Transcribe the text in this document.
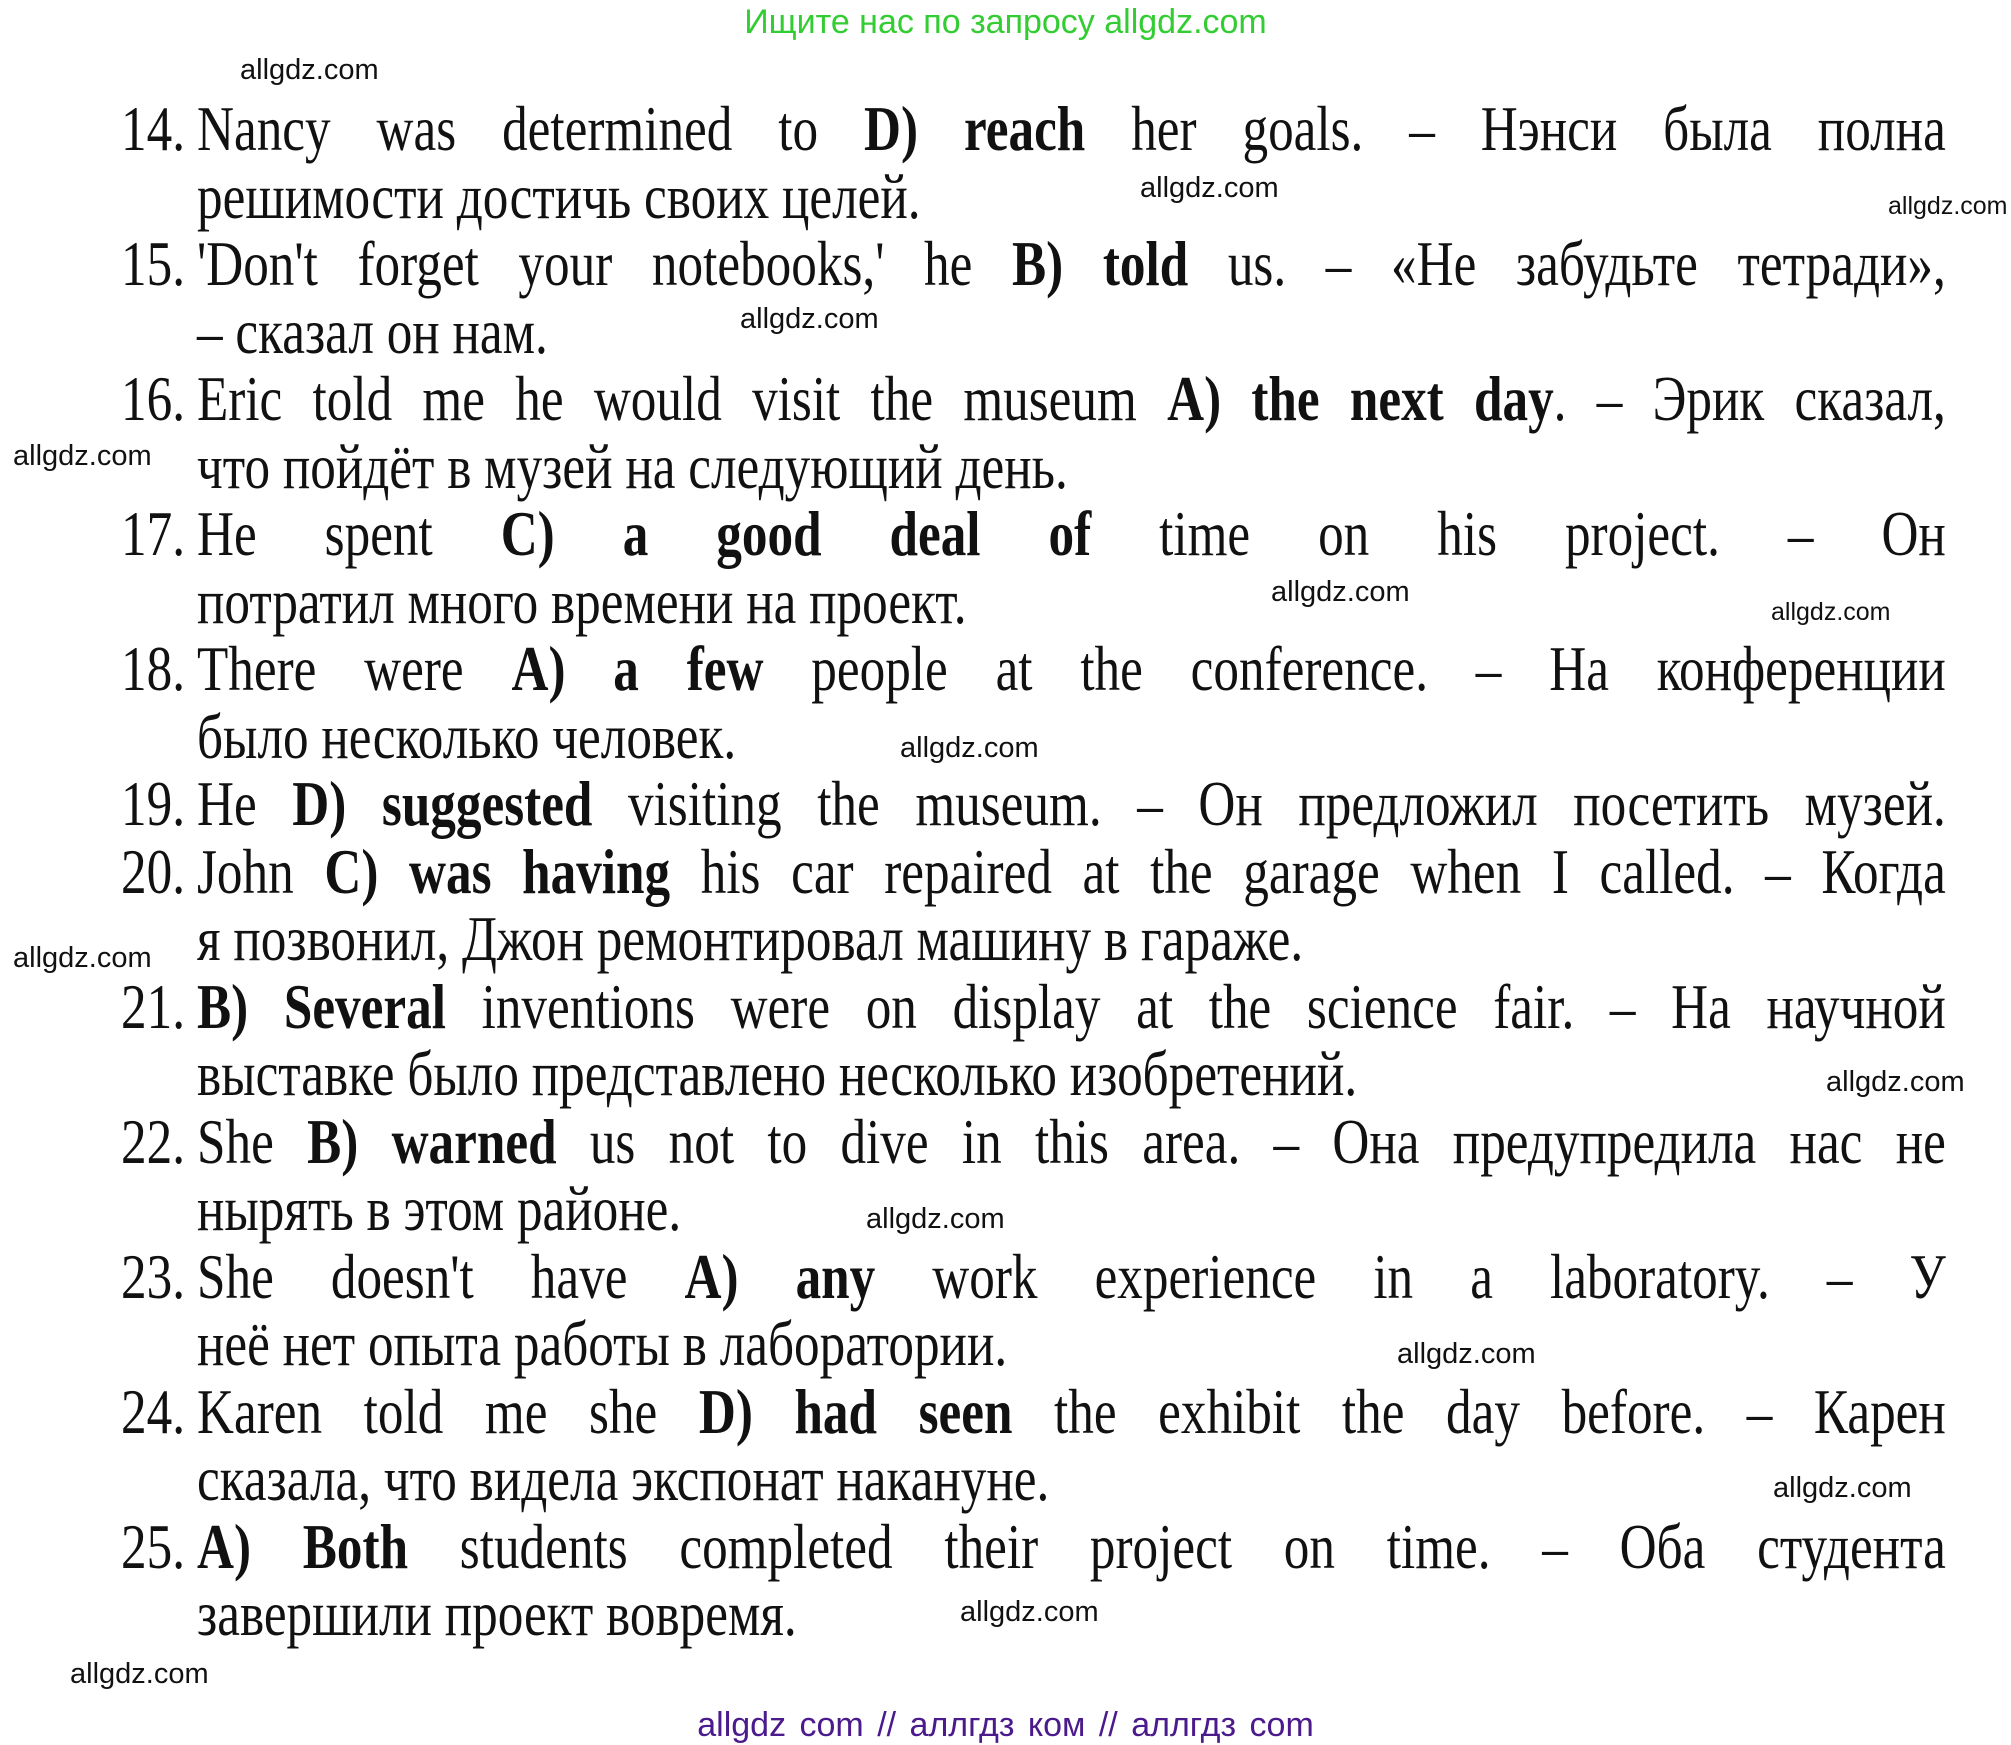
Ищите нас по запросу allgdz.com
14. Nancy was determined to D) reach her goals. – Нэнси была полна
решимости достичь своих целей.
15. 'Don't forget your notebooks,' he B) told us. – «Не забудьте тетради»,
– сказал он нам.
16. Eric told me he would visit the museum A) the next day. – Эрик сказал,
что пойдёт в музей на следующий день.
17. He spent C) a good deal of time on his project. – Он
потратил много времени на проект.
18. There were A) a few people at the conference. – На конференции
было несколько человек.
19. He D) suggested visiting the museum. – Он предложил посетить музей.
20. John C) was having his car repaired at the garage when I called. – Когда
я позвонил, Джон ремонтировал машину в гараже.
21. B) Several inventions were on display at the science fair. – На научной
выставке было представлено несколько изобретений.
22. She B) warned us not to dive in this area. – Она предупредила нас не
нырять в этом районе.
23. She doesn't have A) any work experience in a laboratory. – У
неё нет опыта работы в лаборатории.
24. Karen told me she D) had seen the exhibit the day before. – Карен
сказала, что видела экспонат накануне.
25. A) Both students completed their project on time. – Оба студента
завершили проект вовремя.
allgdz.com
allgdz.com
allgdz.com
allgdz.com
allgdz.com
allgdz.com
allgdz.com
allgdz.com
allgdz.com
allgdz.com
allgdz.com
allgdz.com
allgdz.com
allgdz.com
allgdz.com
allgdz com // аллгдз ком // аллгдз com
